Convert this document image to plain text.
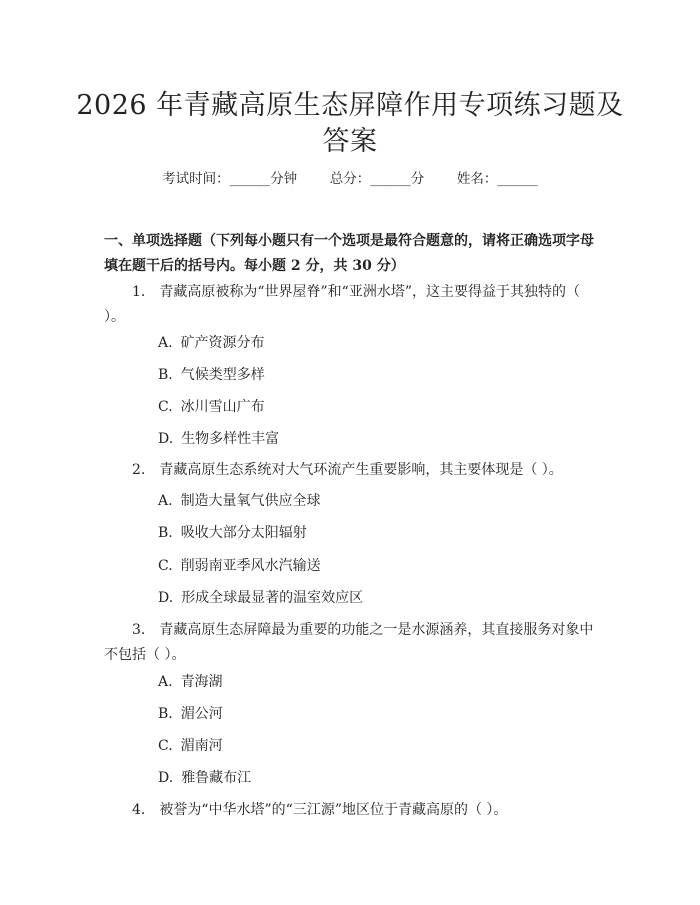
2026 年青藏高原生态屏障作用专项练习题及
答案
考试时间：______分钟 总分：______分 姓名：______
一、单项选择题（下列每小题只有一个选项是最符合题意的，请将正确选项字母填在题干后的括号内。每小题 2 分，共 30 分）
1. 青藏高原被称为“世界屋脊”和“亚洲水塔”，这主要得益于其独特的（ ）。
A. 矿产资源分布
B. 气候类型多样
C. 冰川雪山广布
D. 生物多样性丰富
2. 青藏高原生态系统对大气环流产生重要影响，其主要体现是（ ）。
A. 制造大量氧气供应全球
B. 吸收大部分太阳辐射
C. 削弱南亚季风水汽输送
D. 形成全球最显著的温室效应区
3. 青藏高原生态屏障最为重要的功能之一是水源涵养，其直接服务对象中不包括（ ）。
A. 青海湖
B. 湄公河
C. 湄南河
D. 雅鲁藏布江
4. 被誉为“中华水塔”的“三江源”地区位于青藏高原的（ ）。
